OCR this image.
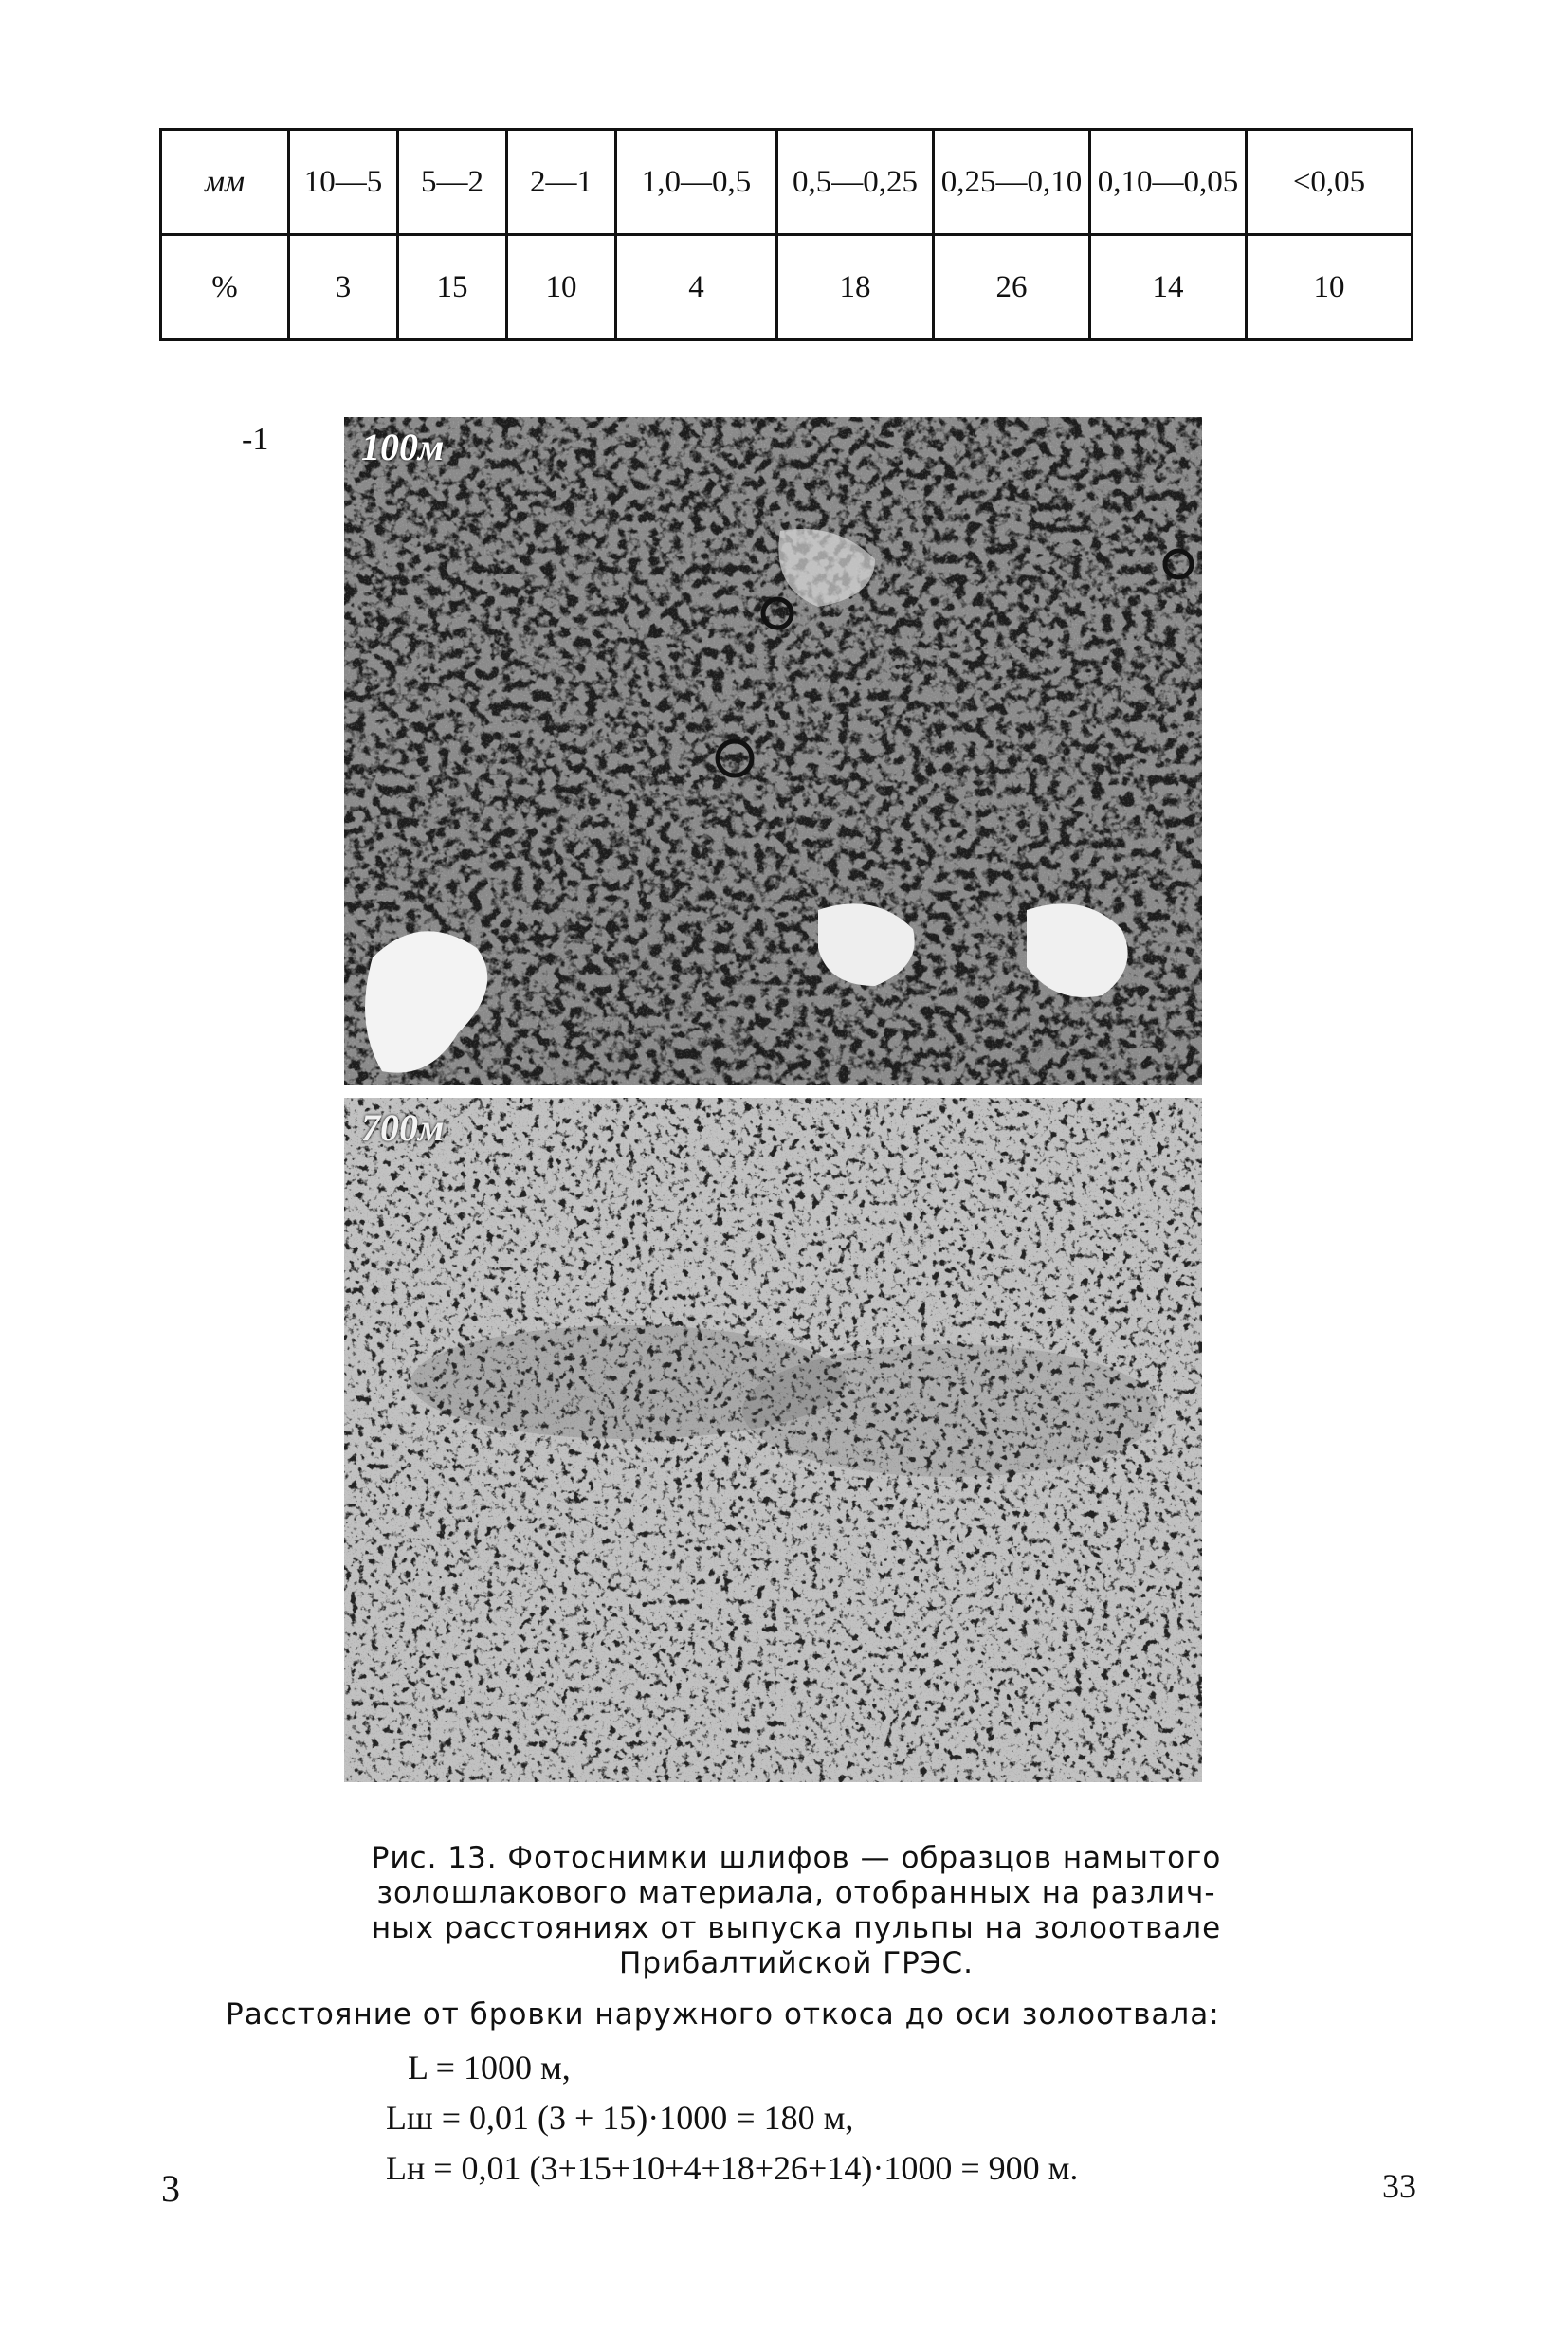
мм	10—5	5—2	2—1	1,0—0,5	0,5—0,25	0,25—0,10	0,10—0,05	<0,05
%	3	15	10	4	18	26	14	10
-1 100м
700м
Рис. 13. Фотоснимки шлифов — образцов намытого
золошлакового материала, отобранных на различ-
ных расстояниях от выпуска пульпы на золоотвале
Прибалтийской ГРЭС.
Расстояние от бровки наружного откоса до оси золоотвала:
L = 1000 м,
Lш = 0,01 (3 + 15)·1000 = 180 м,
Lн = 0,01 (3+15+10+4+18+26+14)·1000 = 900 м.
3	33
